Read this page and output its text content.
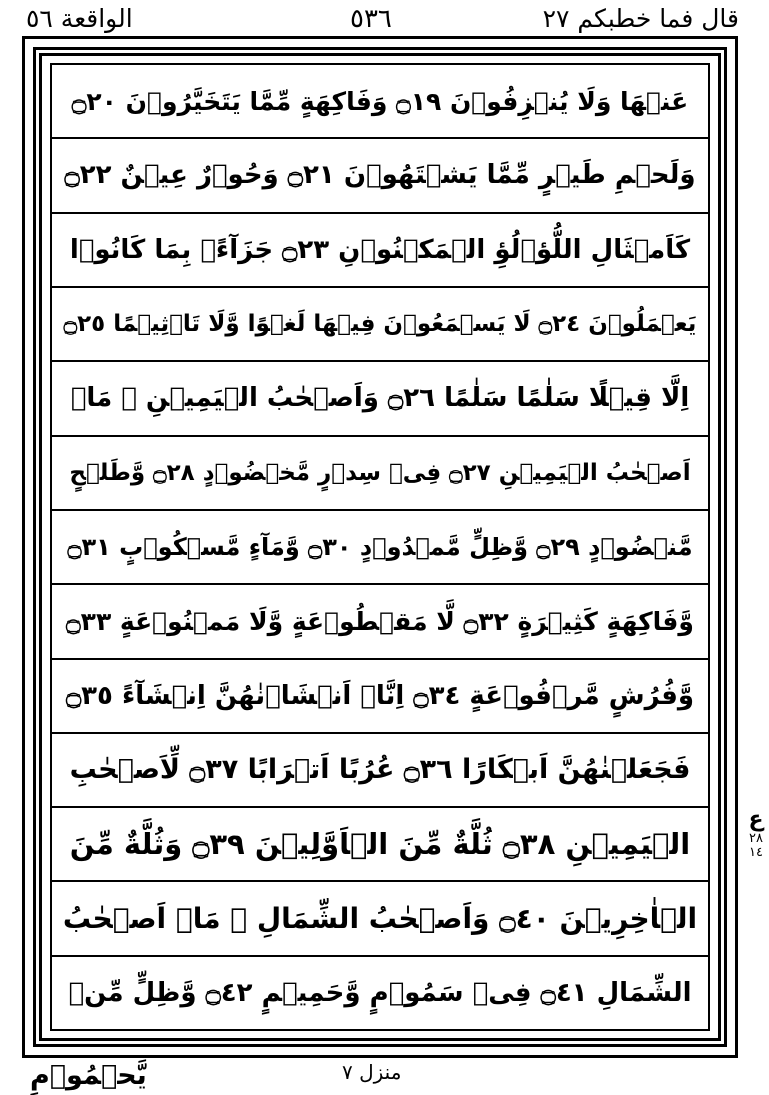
الواقعة ٥٦	٥٣٦	قال فما خطبكم ٢٧
عَنۡهَا وَلَا يُنۡزِفُوۡنَ ۝١٩ وَفَاكِهَةٍ مِّمَّا يَتَخَيَّرُوۡنَ ۝٢٠
وَلَحۡمِ طَيۡرٍ مِّمَّا يَشۡتَهُوۡنَ ۝٢١ وَحُوۡرٌ عِيۡنٌ ۝٢٢
كَاَمۡثَالِ اللُّؤۡلُؤِ الۡمَكۡنُوۡنِ ۝٢٣ جَزَآءًۢ بِمَا كَانُوۡا
يَعۡمَلُوۡنَ ۝٢٤ لَا يَسۡمَعُوۡنَ فِيۡهَا لَغۡوًا وَّلَا تَاۡثِيۡمًا ۝٢٥
اِلَّا قِيۡلًا سَلٰمًا سَلٰمًا ۝٢٦ وَاَصۡحٰبُ الۡيَمِيۡنِ ۙ مَاۤ
اَصۡحٰبُ الۡيَمِيۡنِ ۝٢٧ فِىۡ سِدۡرٍ مَّخۡضُوۡدٍ ۝٢٨ وَّطَلۡحٍ
مَّنۡضُوۡدٍ ۝٢٩ وَّظِلٍّ مَّمۡدُوۡدٍ ۝٣٠ وَّمَآءٍ مَّسۡكُوۡبٍ ۝٣١
وَّفَاكِهَةٍ كَثِيۡرَةٍ ۝٣٢ لَّا مَقۡطُوۡعَةٍ وَّلَا مَمۡنُوۡعَةٍ ۝٣٣
وَّفُرُشٍ مَّرۡفُوۡعَةٍ ۝٣٤ اِنَّاۤ اَنۡشَاۡنٰهُنَّ اِنۡشَآءً ۝٣٥
فَجَعَلۡنٰهُنَّ اَبۡكَارًا ۝٣٦ عُرُبًا اَتۡرَابًا ۝٣٧ لِّاَصۡحٰبِ
الۡيَمِيۡنِ ۝٣٨ ثُلَّةٌ مِّنَ الۡاَوَّلِيۡنَ ۝٣٩ وَثُلَّةٌ مِّنَ
الۡاٰخِرِيۡنَ ۝٤٠ وَاَصۡحٰبُ الشِّمَالِ ۙ مَاۤ اَصۡحٰبُ
الشِّمَالِ ۝٤١ فِىۡ سَمُوۡمٍ وَّحَمِيۡمٍ ۝٤٢ وَّظِلٍّ مِّنۡ
ع
٢٨
١٤
يَّحۡمُوۡمٍ	منزل ٧
